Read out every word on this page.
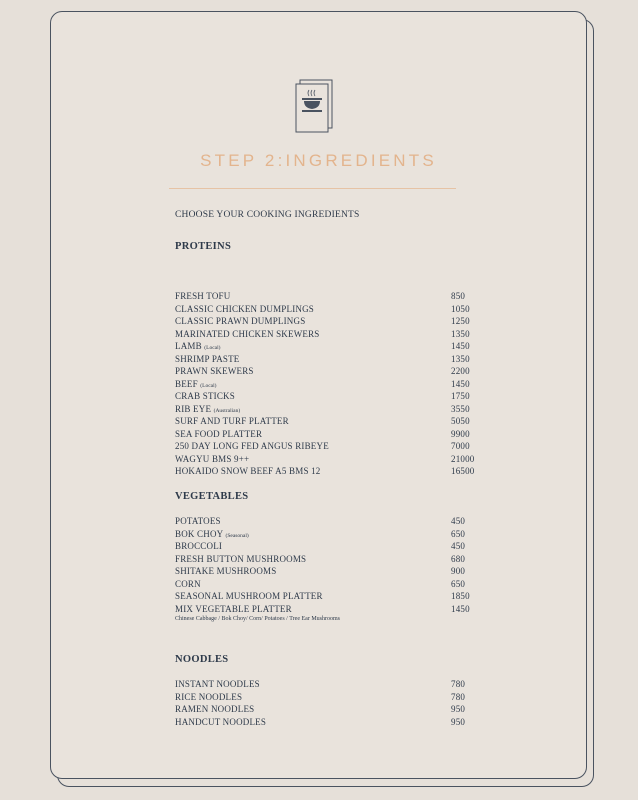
STEP 2:INGREDIENTS
CHOOSE YOUR COOKING INGREDIENTS
PROTEINS
FRESH TOFU	850
CLASSIC CHICKEN DUMPLINGS	1050
CLASSIC PRAWN DUMPLINGS	1250
MARINATED CHICKEN SKEWERS	1350
LAMB (Local)	1450
SHRIMP PASTE	1350
PRAWN SKEWERS	2200
BEEF (Local)	1450
CRAB STICKS	1750
RIB EYE (Australian)	3550
SURF AND TURF PLATTER	5050
SEA FOOD PLATTER	9900
250 DAY LONG FED ANGUS RIBEYE	7000
WAGYU BMS 9++	21000
HOKAIDO SNOW BEEF A5 BMS 12	16500
VEGETABLES
POTATOES	450
BOK CHOY (Seasonal)	650
BROCCOLI	450
FRESH BUTTON MUSHROOMS	680
SHITAKE MUSHROOMS	900
CORN	650
SEASONAL MUSHROOM PLATTER	1850
MIX VEGETABLE PLATTER	1450
Chinese Cabbage / Bok Choy/ Corn/ Potatoes / Tree Ear Mushrooms
NOODLES
INSTANT NOODLES	780
RICE NOODLES	780
RAMEN NOODLES	950
HANDCUT NOODLES	950
